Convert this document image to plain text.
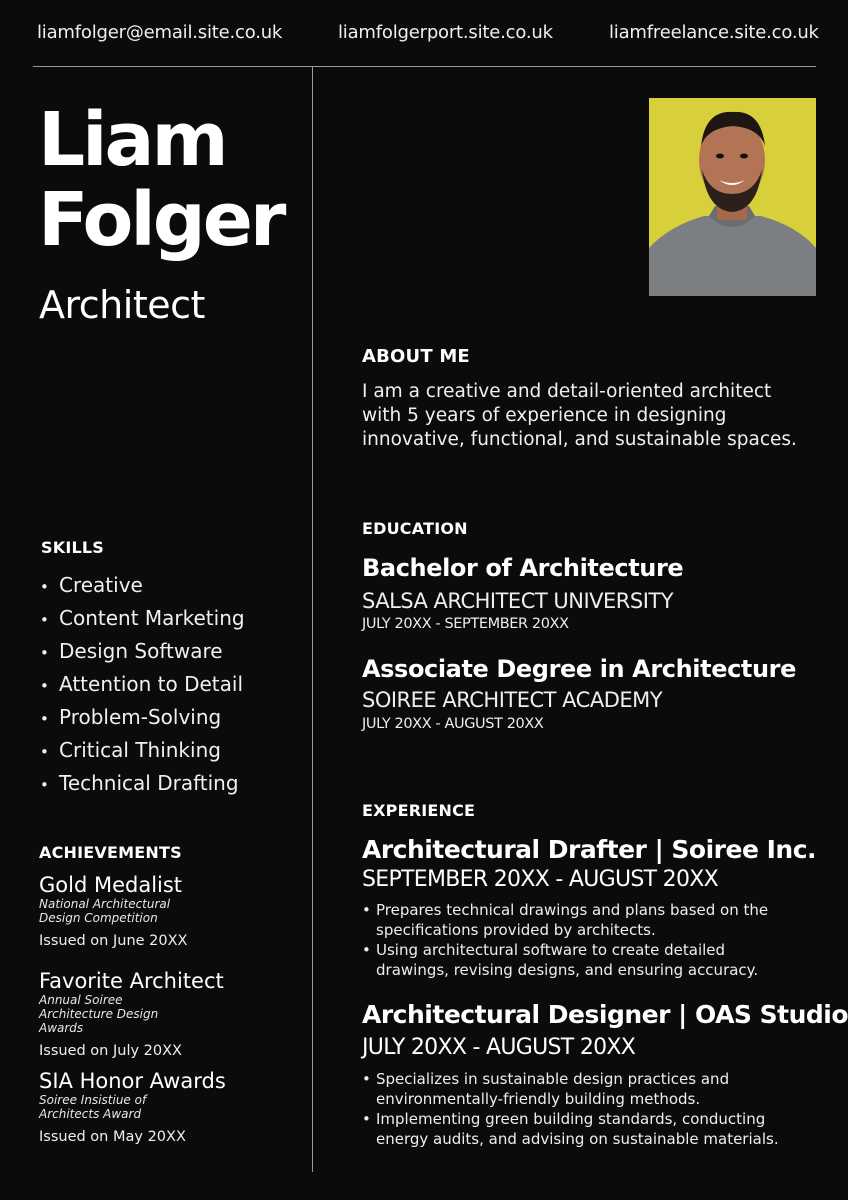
liamfolger@email.site.co.uk	liamfolgerport.site.co.uk	liamfreelance.site.co.uk
Liam
Folger
Architect
ABOUT ME
I am a creative and detail-oriented architect with 5 years of experience in designing innovative, functional, and sustainable spaces.
SKILLS
• Creative
• Content Marketing
• Design Software
• Attention to Detail
• Problem-Solving
• Critical Thinking
• Technical Drafting
ACHIEVEMENTS
Gold Medalist
National Architectural Design Competition
Issued on June 20XX
Favorite Architect
Annual Soiree Architecture Design Awards
Issued on July 20XX
SIA Honor Awards
Soiree Insistiue of Architects Award
Issued on May 20XX
EDUCATION
Bachelor of Architecture
SALSA ARCHITECT UNIVERSITY
JULY 20XX - SEPTEMBER 20XX
Associate Degree in Architecture
SOIREE ARCHITECT ACADEMY
JULY 20XX - AUGUST 20XX
EXPERIENCE
Architectural Drafter | Soiree Inc.
SEPTEMBER 20XX - AUGUST 20XX
• Prepares technical drawings and plans based on the specifications provided by architects.
• Using architectural software to create detailed drawings, revising designs, and ensuring accuracy.
Architectural Designer | OAS Studio
JULY 20XX - AUGUST 20XX
• Specializes in sustainable design practices and environmentally-friendly building methods.
• Implementing green building standards, conducting energy audits, and advising on sustainable materials.
